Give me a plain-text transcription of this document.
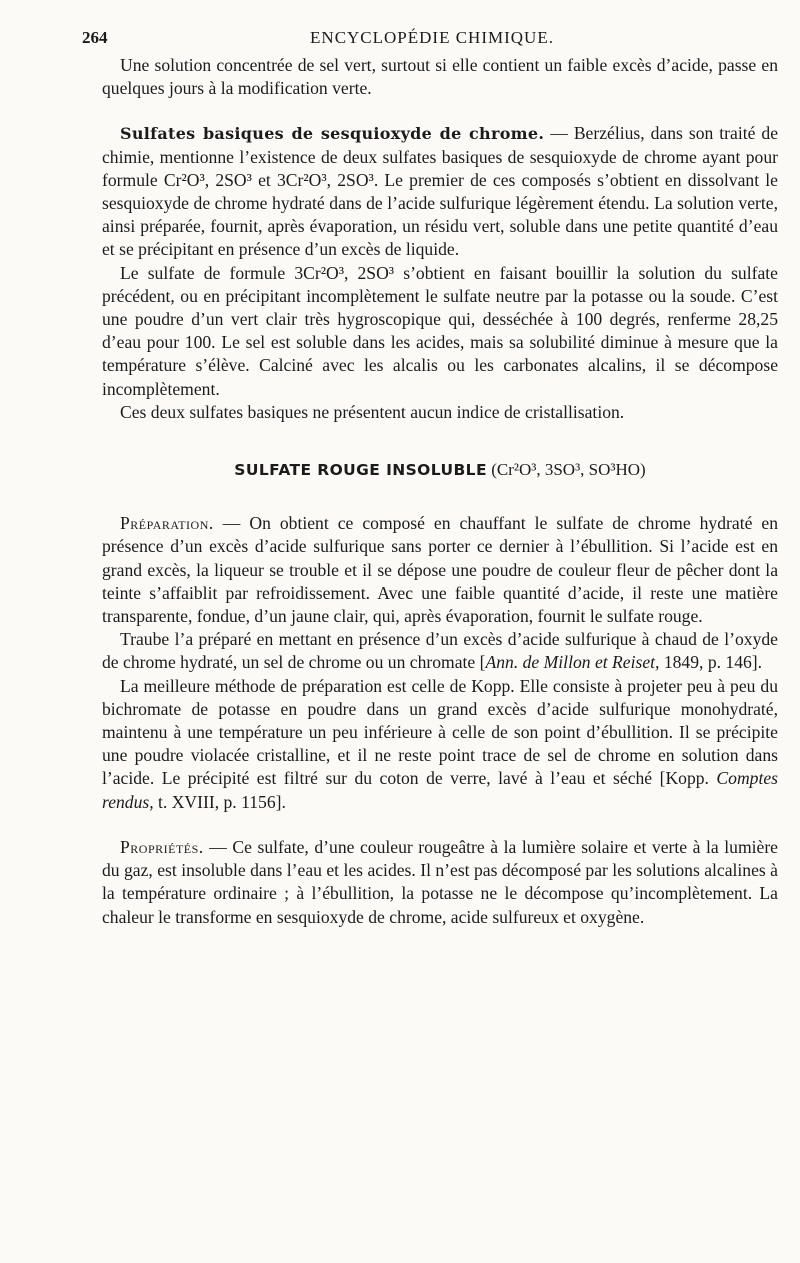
264	ENCYCLOPÉDIE CHIMIQUE.

Une solution concentrée de sel vert, surtout si elle contient un faible excès d’acide, passe en quelques jours à la modification verte.

Sulfates basiques de sesquioxyde de chrome. — Berzélius, dans son traité de chimie, mentionne l’existence de deux sulfates basiques de sesquioxyde de chrome ayant pour formule Cr²O³, 2SO³ et 3Cr²O³, 2SO³. Le premier de ces composés s’obtient en dissolvant le sesquioxyde de chrome hydraté dans de l’acide sulfurique légèrement étendu. La solution verte, ainsi préparée, fournit, après évaporation, un résidu vert, soluble dans une petite quantité d’eau et se précipitant en présence d’un excès de liquide.

Le sulfate de formule 3Cr²O³, 2SO³ s’obtient en faisant bouillir la solution du sulfate précédent, ou en précipitant incomplètement le sulfate neutre par la potasse ou la soude. C’est une poudre d’un vert clair très hygroscopique qui, desséchée à 100 degrés, renferme 28,25 d’eau pour 100. Le sel est soluble dans les acides, mais sa solubilité diminue à mesure que la température s’élève. Calciné avec les alcalis ou les carbonates alcalins, il se décompose incomplètement.

Ces deux sulfates basiques ne présentent aucun indice de cristallisation.

SULFATE ROUGE INSOLUBLE (Cr²O³, 3SO³, SO³HO)

Préparation. — On obtient ce composé en chauffant le sulfate de chrome hydraté en présence d’un excès d’acide sulfurique sans porter ce dernier à l’ébullition. Si l’acide est en grand excès, la liqueur se trouble et il se dépose une poudre de couleur fleur de pêcher dont la teinte s’affaiblit par refroidissement. Avec une faible quantité d’acide, il reste une matière transparente, fondue, d’un jaune clair, qui, après évaporation, fournit le sulfate rouge.

Traube l’a préparé en mettant en présence d’un excès d’acide sulfurique à chaud de l’oxyde de chrome hydraté, un sel de chrome ou un chromate [Ann. de Millon et Reiset, 1849, p. 146].

La meilleure méthode de préparation est celle de Kopp. Elle consiste à projeter peu à peu du bichromate de potasse en poudre dans un grand excès d’acide sulfurique monohydraté, maintenu à une température un peu inférieure à celle de son point d’ébullition. Il se précipite une poudre violacée cristalline, et il ne reste point trace de sel de chrome en solution dans l’acide. Le précipité est filtré sur du coton de verre, lavé à l’eau et séché [Kopp. Comptes rendus, t. XVIII, p. 1156].

Propriétés. — Ce sulfate, d’une couleur rougeâtre à la lumière solaire et verte à la lumière du gaz, est insoluble dans l’eau et les acides. Il n’est pas décomposé par les solutions alcalines à la température ordinaire ; à l’ébullition, la potasse ne le décompose qu’incomplètement. La chaleur le transforme en sesquioxyde de chrome, acide sulfureux et oxygène.
